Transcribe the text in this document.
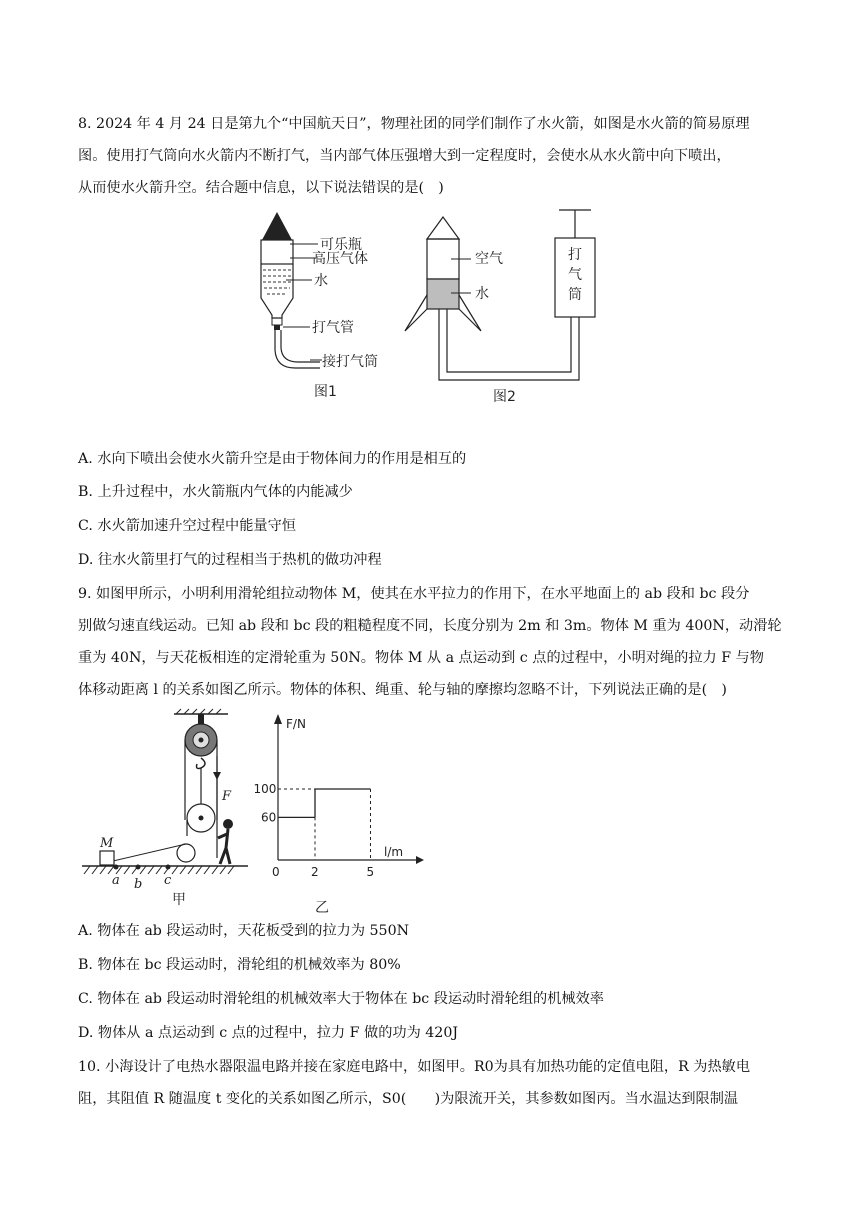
8. 2024 年 4 月 24 日是第九个“中国航天日”，物理社团的同学们制作了水火箭，如图是水火箭的简易原理
图。使用打气筒向水火箭内不断打气，当内部气体压强增大到一定程度时，会使水从水火箭中向下喷出，
从而使水火箭升空。结合题中信息，以下说法错误的是(　)
可乐瓶
高压气体
水
打气管
接打气筒
图1
空气
水
打
气
筒
图2
A. 水向下喷出会使水火箭升空是由于物体间力的作用是相互的
B. 上升过程中，水火箭瓶内气体的内能减少
C. 水火箭加速升空过程中能量守恒
D. 往水火箭里打气的过程相当于热机的做功冲程
9. 如图甲所示，小明利用滑轮组拉动物体 M，使其在水平拉力的作用下，在水平地面上的 ab 段和 bc 段分
别做匀速直线运动。已知 ab 段和 bc 段的粗糙程度不同，长度分别为 2m 和 3m。物体 M 重为 400N，动滑轮
重为 40N，与天花板相连的定滑轮重为 50N。物体 M 从 a 点运动到 c 点的过程中，小明对绳的拉力 F 与物
体移动距离 l 的关系如图乙所示。物体的体积、绳重、轮与轴的摩擦均忽略不计，下列说法正确的是(　)
M
F
a b c
甲
F/N
l/m
0	2	5
60
100
乙
A. 物体在 ab 段运动时，天花板受到的拉力为 550N
B. 物体在 bc 段运动时，滑轮组的机械效率为 80%
C. 物体在 ab 段运动时滑轮组的机械效率大于物体在 bc 段运动时滑轮组的机械效率
D. 物体从 a 点运动到 c 点的过程中，拉力 F 做的功为 420J
10. 小海设计了电热水器限温电路并接在家庭电路中，如图甲。R0为具有加热功能的定值电阻，R 为热敏电
阻，其阻值 R 随温度 t 变化的关系如图乙所示，S0(　　)为限流开关，其参数如图丙。当水温达到限制温
